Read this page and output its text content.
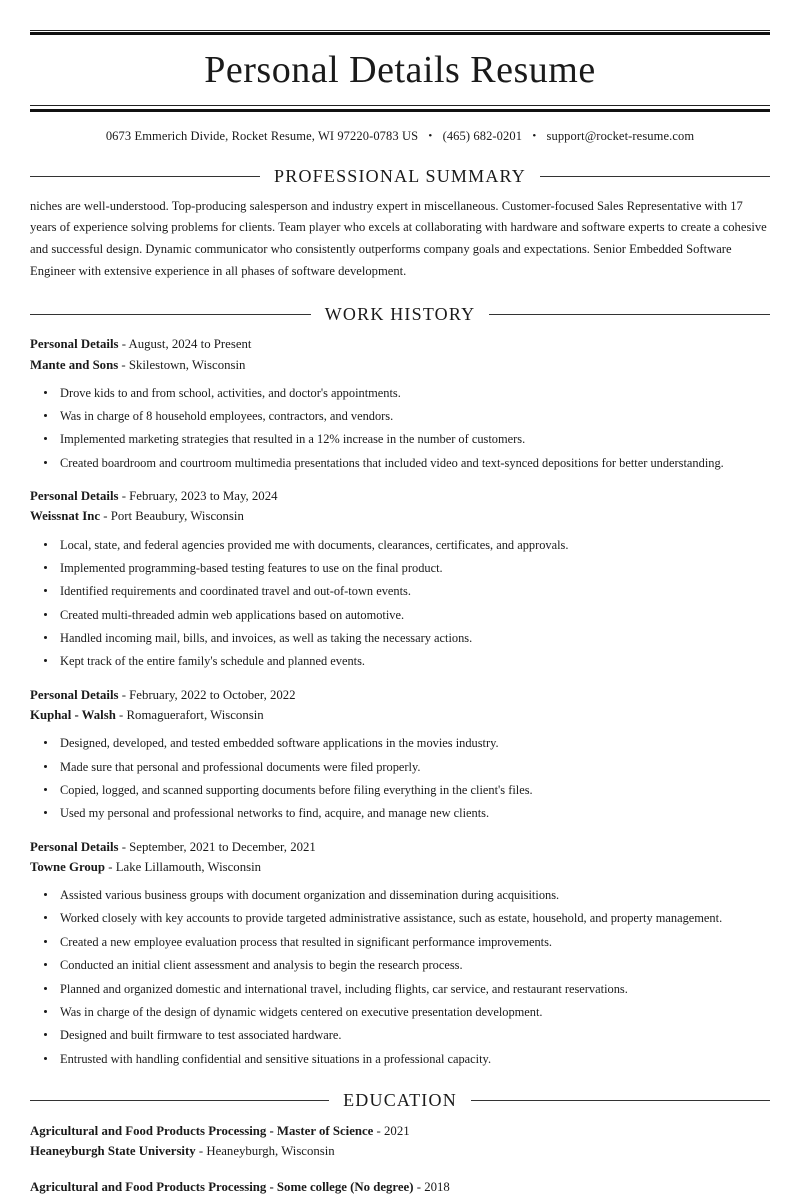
Personal Details Resume
0673 Emmerich Divide, Rocket Resume, WI 97220-0783 US • (465) 682-0201 • support@rocket-resume.com
PROFESSIONAL SUMMARY

niches are well-understood. Top-producing salesperson and industry expert in miscellaneous. Customer-focused Sales Representative with 17 years of experience solving problems for clients. Team player who excels at collaborating with hardware and software experts to create a cohesive and successful design. Dynamic communicator who consistently outperforms company goals and expectations. Senior Embedded Software Engineer with extensive experience in all phases of software development.

WORK HISTORY
Personal Details - August, 2024 to Present
Mante and Sons - Skilestown, Wisconsin
Drove kids to and from school, activities, and doctor's appointments.
Was in charge of 8 household employees, contractors, and vendors.
Implemented marketing strategies that resulted in a 12% increase in the number of customers.
Created boardroom and courtroom multimedia presentations that included video and text-synced depositions for better understanding.
Personal Details - February, 2023 to May, 2024
Weissnat Inc - Port Beaubury, Wisconsin
Local, state, and federal agencies provided me with documents, clearances, certificates, and approvals.
Implemented programming-based testing features to use on the final product.
Identified requirements and coordinated travel and out-of-town events.
Created multi-threaded admin web applications based on automotive.
Handled incoming mail, bills, and invoices, as well as taking the necessary actions.
Kept track of the entire family's schedule and planned events.
Personal Details - February, 2022 to October, 2022
Kuphal - Walsh - Romaguerafort, Wisconsin
Designed, developed, and tested embedded software applications in the movies industry.
Made sure that personal and professional documents were filed properly.
Copied, logged, and scanned supporting documents before filing everything in the client's files.
Used my personal and professional networks to find, acquire, and manage new clients.
Personal Details - September, 2021 to December, 2021
Towne Group - Lake Lillamouth, Wisconsin
Assisted various business groups with document organization and dissemination during acquisitions.
Worked closely with key accounts to provide targeted administrative assistance, such as estate, household, and property management.
Created a new employee evaluation process that resulted in significant performance improvements.
Conducted an initial client assessment and analysis to begin the research process.
Planned and organized domestic and international travel, including flights, car service, and restaurant reservations.
Was in charge of the design of dynamic widgets centered on executive presentation development.
Designed and built firmware to test associated hardware.
Entrusted with handling confidential and sensitive situations in a professional capacity.
EDUCATION
Agricultural and Food Products Processing - Master of Science - 2021
Heaneyburgh State University - Heaneyburgh, Wisconsin
Agricultural and Food Products Processing - Some college (No degree) - 2018
